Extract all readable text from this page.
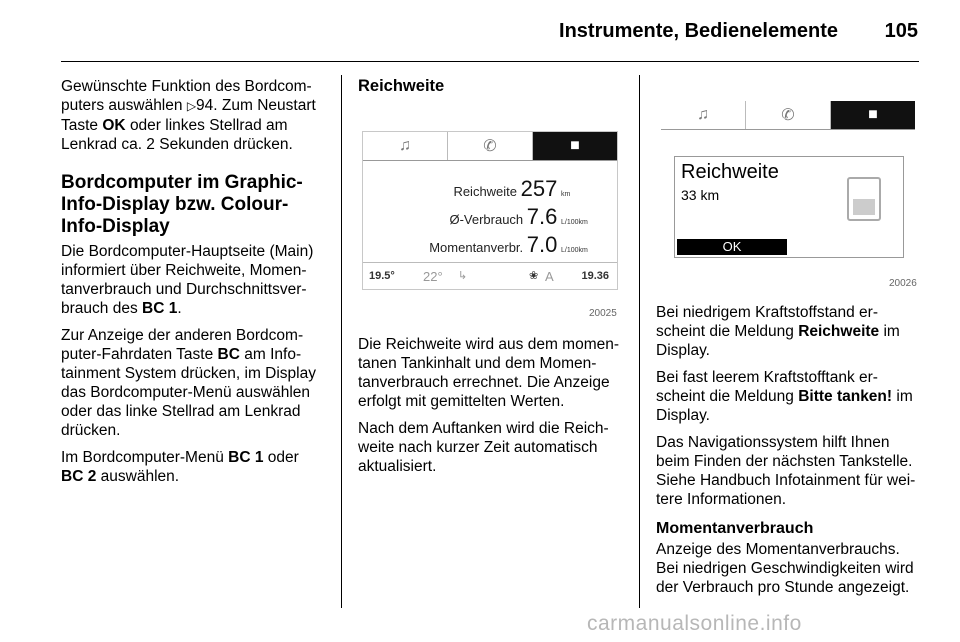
Instrumente, Bedienelemente 105

Gewünschte Funktion des Bordcom-
puters auswählen ▷94. Zum Neustart
Taste OK oder linkes Stellrad am
Lenkrad ca. 2 Sekunden drücken.

Bordcomputer im Graphic-Info-Display bzw. Colour-Info-Display

Die Bordcomputer-Hauptseite (Main) informiert über Reichweite, Momen-tanverbrauch und Durchschnittsver-brauch des BC 1.

Zur Anzeige der anderen Bordcom-puter-Fahrdaten Taste BC am Info-tainment System drücken, im Display das Bordcomputer-Menü auswählen oder das linke Stellrad am Lenkrad drücken.

Im Bordcomputer-Menü BC 1 oder
BC 2 auswählen.

Reichweite
♫	✆	■
Reichweite 257 km
Ø-Verbrauch 7.6 L/100km
Momentanverbr. 7.0 L/100km
19.5° 22° ↳	❀ A	19.36
20025

Die Reichweite wird aus dem momen-tanen Tankinhalt und dem Momen-tanverbrauch errechnet. Die Anzeige erfolgt mit gemittelten Werten.

Nach dem Auftanken wird die Reich-weite nach kurzer Zeit automatisch aktualisiert.

♫	✆	■
Reichweite
33 km
OK
20026

Bei niedrigem Kraftstoffstand er-scheint die Meldung Reichweite im Display.

Bei fast leerem Kraftstofftank er-scheint die Meldung Bitte tanken! im Display.

Das Navigationssystem hilft Ihnen beim Finden der nächsten Tankstelle. Siehe Handbuch Infotainment für wei-tere Informationen.

Momentanverbrauch

Anzeige des Momentanverbrauchs. Bei niedrigen Geschwindigkeiten wird der Verbrauch pro Stunde angezeigt.

carmanualsonline.info
